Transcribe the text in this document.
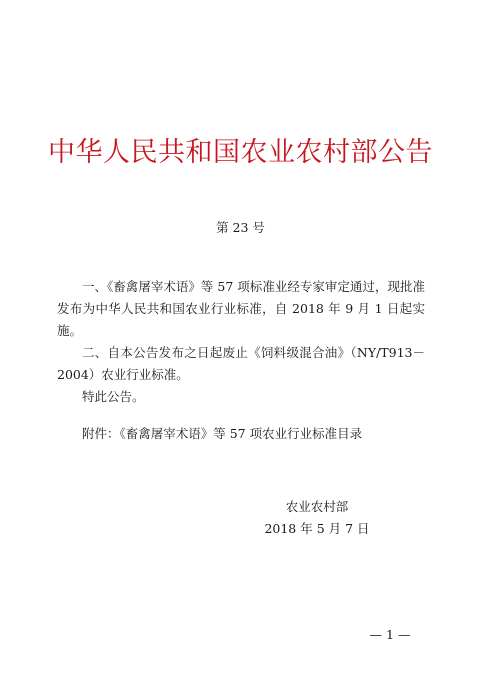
中华人民共和国农业农村部公告
第 23 号

一、《畜禽屠宰术语》等 57 项标准业经专家审定通过，现批准发布为中华人民共和国农业行业标准，自 2018 年 9 月 1 日起实施。

二、自本公告发布之日起废止《饲料级混合油》（NY/T913－2004）农业行业标准。

特此公告。

附件：《畜禽屠宰术语》等 57 项农业行业标准目录
农业农村部
2018 年 5 月 7 日
— 1 —
